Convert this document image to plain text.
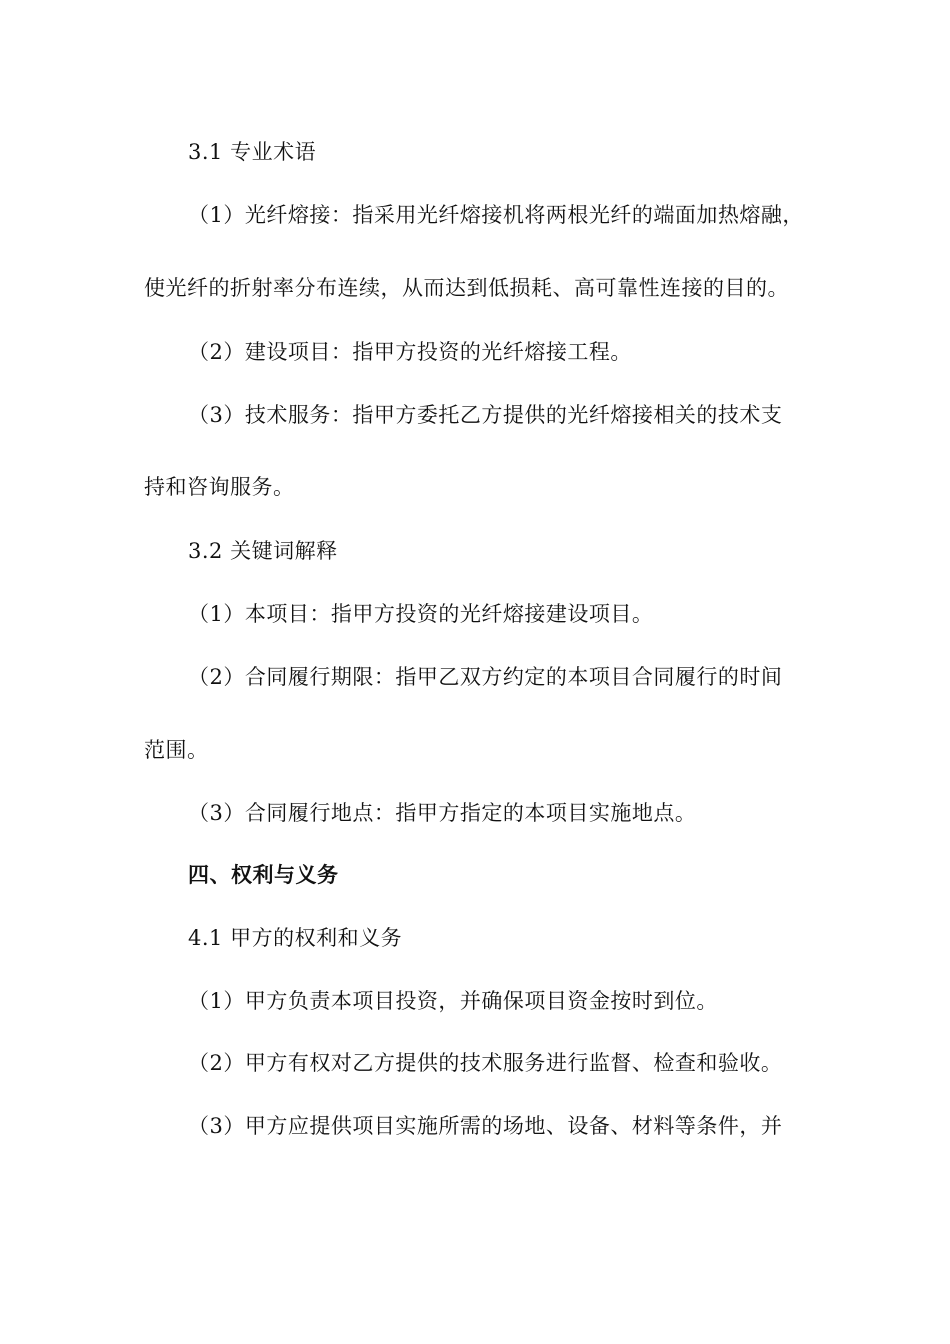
3.1 专业术语
（1）光纤熔接：指采用光纤熔接机将两根光纤的端面加热熔融，
使光纤的折射率分布连续，从而达到低损耗、高可靠性连接的目的。
（2）建设项目：指甲方投资的光纤熔接工程。
（3）技术服务：指甲方委托乙方提供的光纤熔接相关的技术支
持和咨询服务。
3.2 关键词解释
（1）本项目：指甲方投资的光纤熔接建设项目。
（2）合同履行期限：指甲乙双方约定的本项目合同履行的时间
范围。
（3）合同履行地点：指甲方指定的本项目实施地点。
四、权利与义务
4.1 甲方的权利和义务
（1）甲方负责本项目投资，并确保项目资金按时到位。
（2）甲方有权对乙方提供的技术服务进行监督、检查和验收。
（3）甲方应提供项目实施所需的场地、设备、材料等条件，并
